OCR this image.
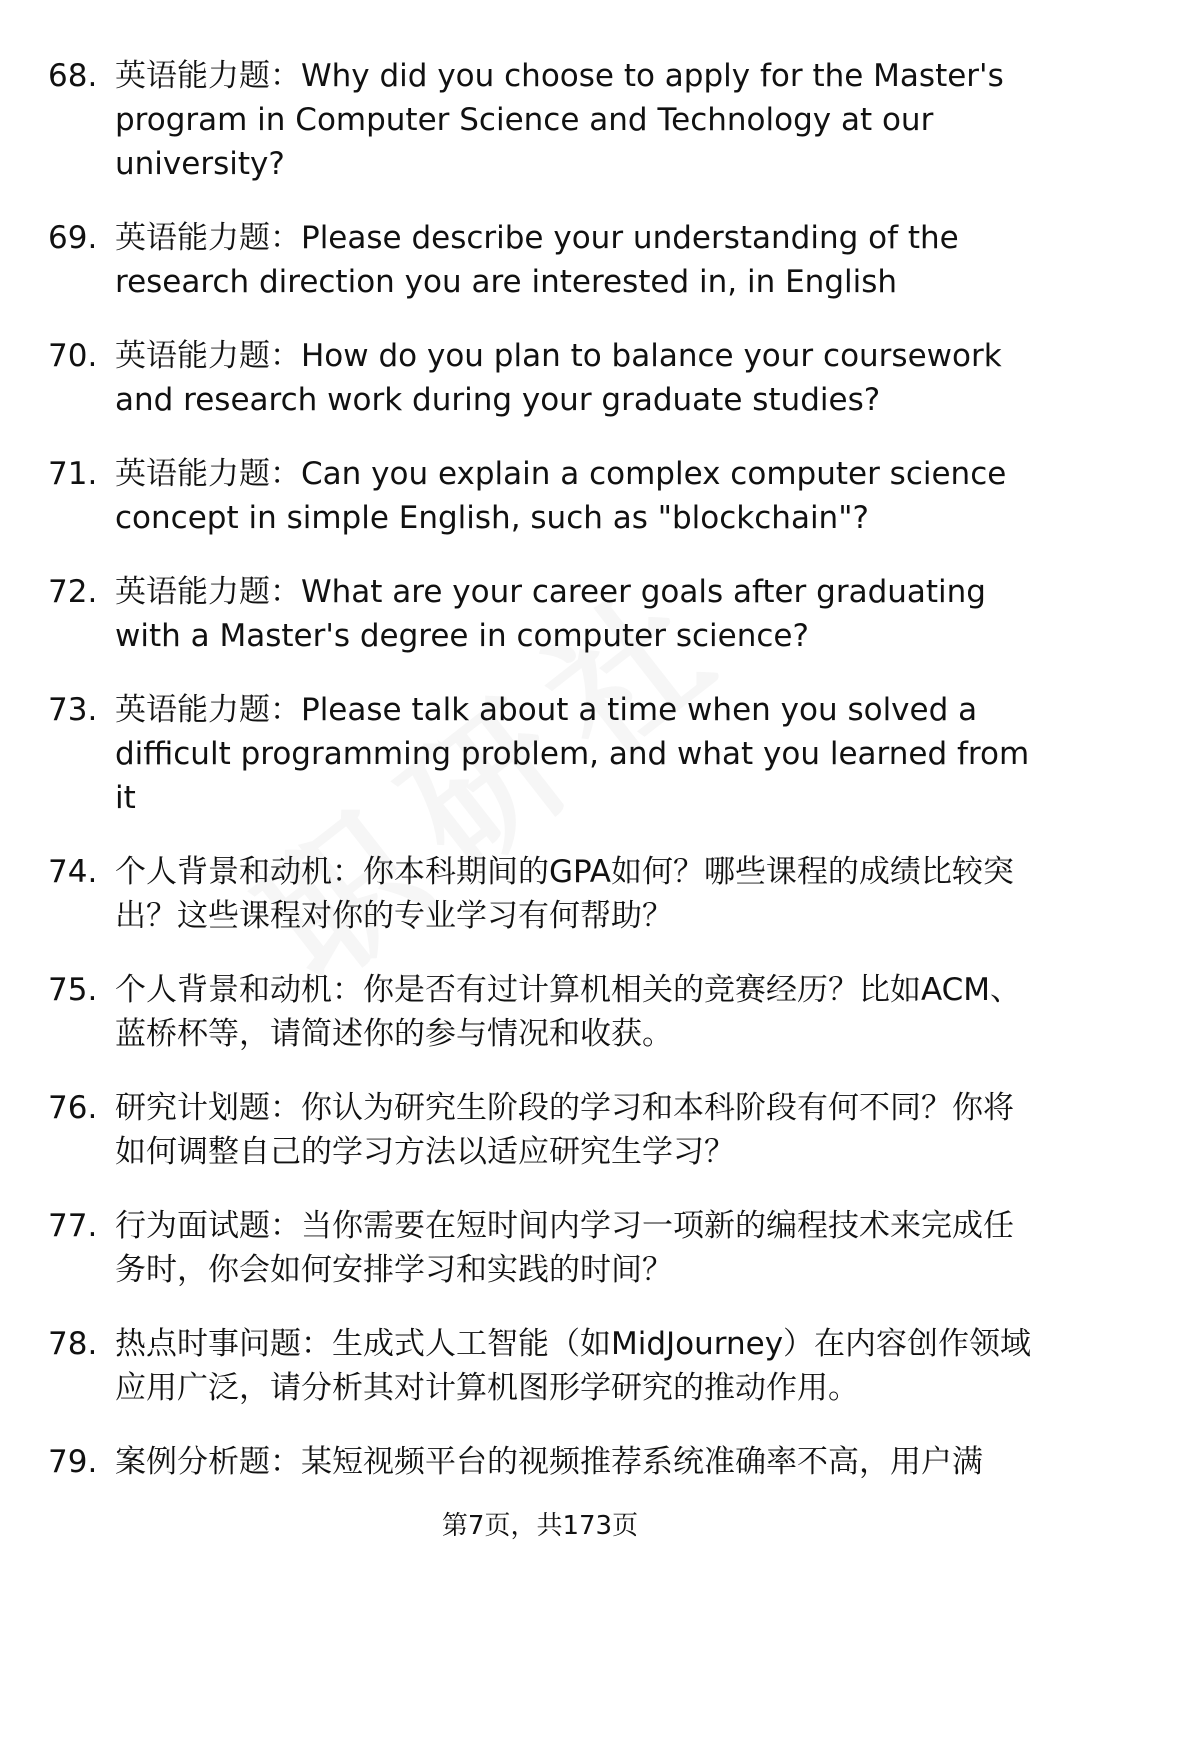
68. 英语能力题：Why did you choose to apply for the Master's program in Computer Science and Technology at our university?
69. 英语能力题：Please describe your understanding of the research direction you are interested in, in English
70. 英语能力题：How do you plan to balance your coursework and research work during your graduate studies?
71. 英语能力题：Can you explain a complex computer science concept in simple English, such as "blockchain"?
72. 英语能力题：What are your career goals after graduating with a Master's degree in computer science?
73. 英语能力题：Please talk about a time when you solved a difficult programming problem, and what you learned from it
74. 个人背景和动机：你本科期间的GPA如何？哪些课程的成绩比较突出？这些课程对你的专业学习有何帮助？
75. 个人背景和动机：你是否有过计算机相关的竞赛经历？比如ACM、蓝桥杯等，请简述你的参与情况和收获。
76. 研究计划题：你认为研究生阶段的学习和本科阶段有何不同？你将如何调整自己的学习方法以适应研究生学习？
77. 行为面试题：当你需要在短时间内学习一项新的编程技术来完成任务时，你会如何安排学习和实践的时间？
78. 热点时事问题：生成式人工智能（如MidJourney）在内容创作领域应用广泛，请分析其对计算机图形学研究的推动作用。
79. 案例分析题：某短视频平台的视频推荐系统准确率不高，用户满
第7页，共173页
